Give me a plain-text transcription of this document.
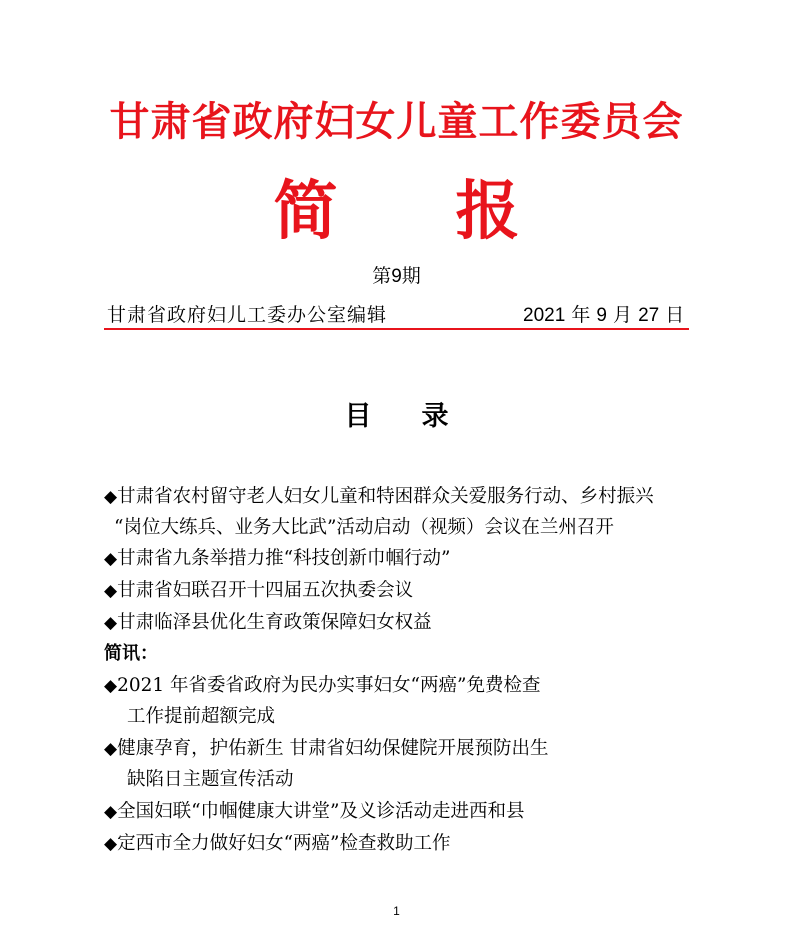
甘肃省政府妇女儿童工作委员会
简 报
第9期
甘肃省政府妇儿工委办公室编辑	2021 年 9 月 27 日
目 录
◆甘肃省农村留守老人妇女儿童和特困群众关爱服务行动、乡村振兴
“岗位大练兵、业务大比武”活动启动（视频）会议在兰州召开
◆甘肃省九条举措力推“科技创新巾帼行动”
◆甘肃省妇联召开十四届五次执委会议
◆甘肃临泽县优化生育政策保障妇女权益
简讯：
◆2021 年省委省政府为民办实事妇女“两癌”免费检查
工作提前超额完成
◆健康孕育，护佑新生 甘肃省妇幼保健院开展预防出生
缺陷日主题宣传活动
◆全国妇联“巾帼健康大讲堂”及义诊活动走进西和县
◆定西市全力做好妇女“两癌”检查救助工作
1
